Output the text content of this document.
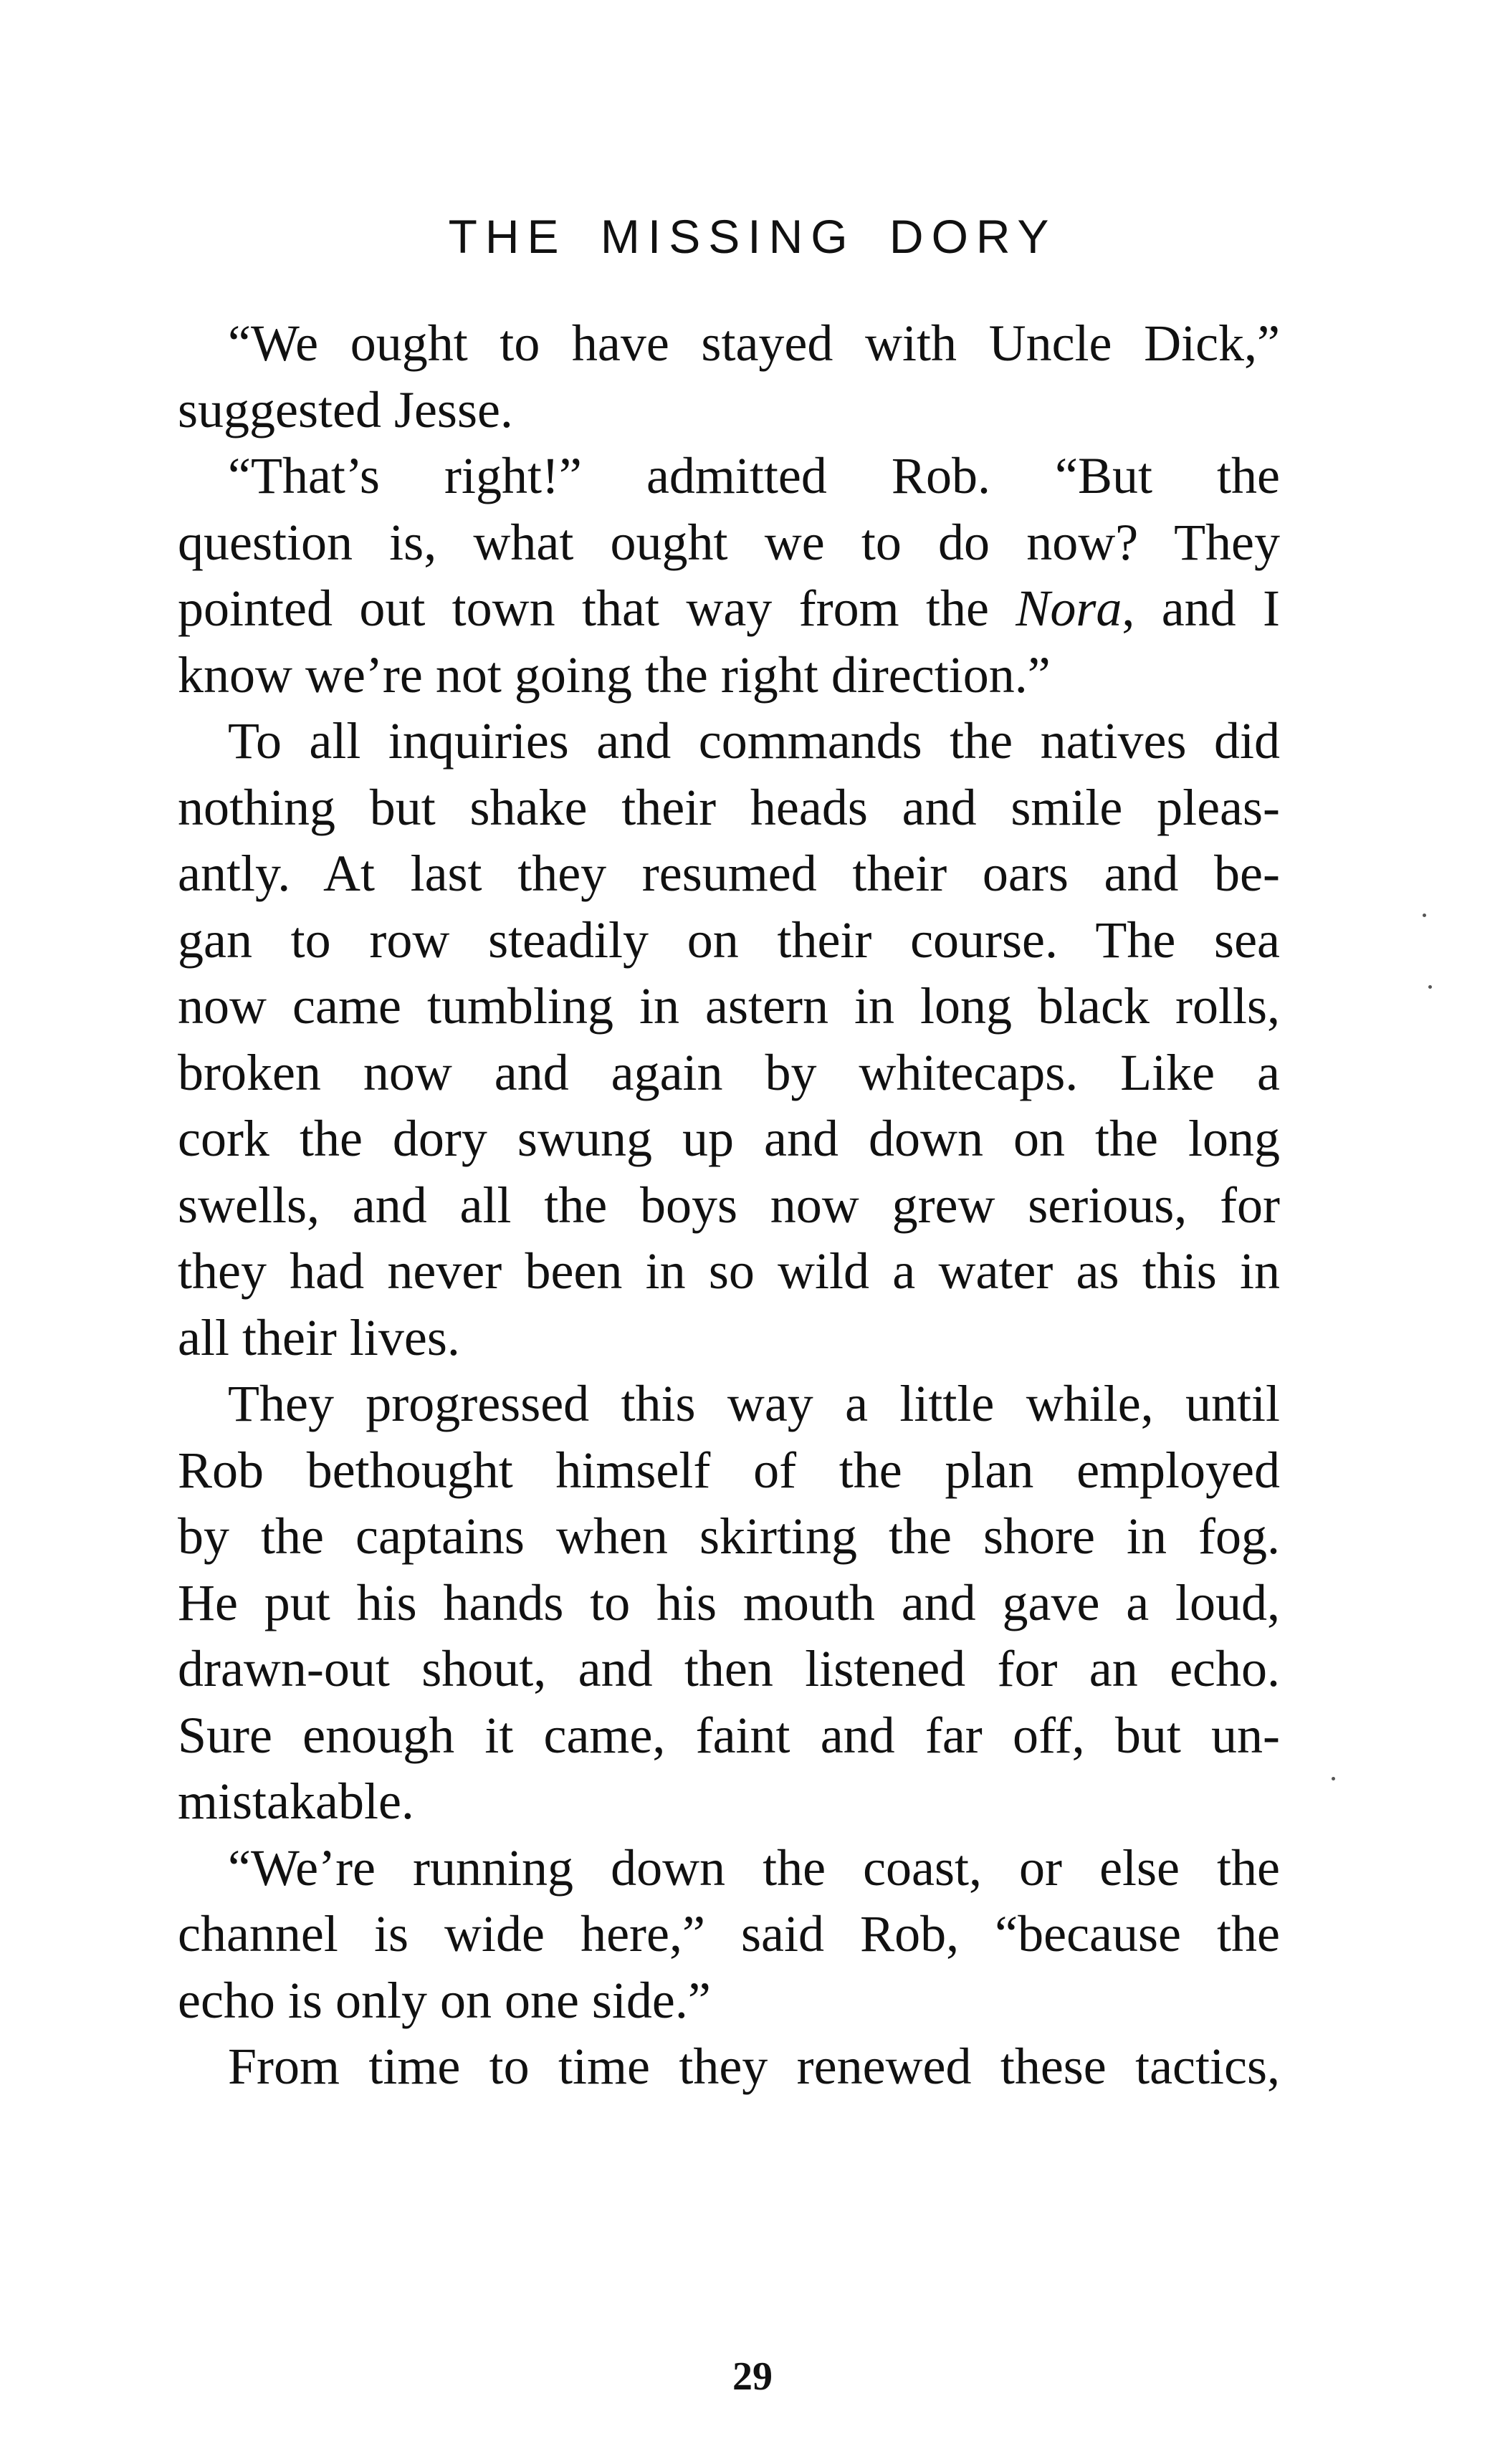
THE MISSING DORY
“We ought to have stayed with Uncle Dick,”
suggested Jesse.
“That’s right!” admitted Rob. “But the
question is, what ought we to do now? They
pointed out town that way from the Nora, and I
know we’re not going the right direction.”
To all inquiries and commands the natives did
nothing but shake their heads and smile pleas-
antly. At last they resumed their oars and be-
gan to row steadily on their course. The sea
now came tumbling in astern in long black rolls,
broken now and again by whitecaps. Like a
cork the dory swung up and down on the long
swells, and all the boys now grew serious, for
they had never been in so wild a water as this in
all their lives.
They progressed this way a little while, until
Rob bethought himself of the plan employed
by the captains when skirting the shore in fog.
He put his hands to his mouth and gave a loud,
drawn-out shout, and then listened for an echo.
Sure enough it came, faint and far off, but un-
mistakable.
“We’re running down the coast, or else the
channel is wide here,” said Rob, “because the
echo is only on one side.”
From time to time they renewed these tactics,
29
